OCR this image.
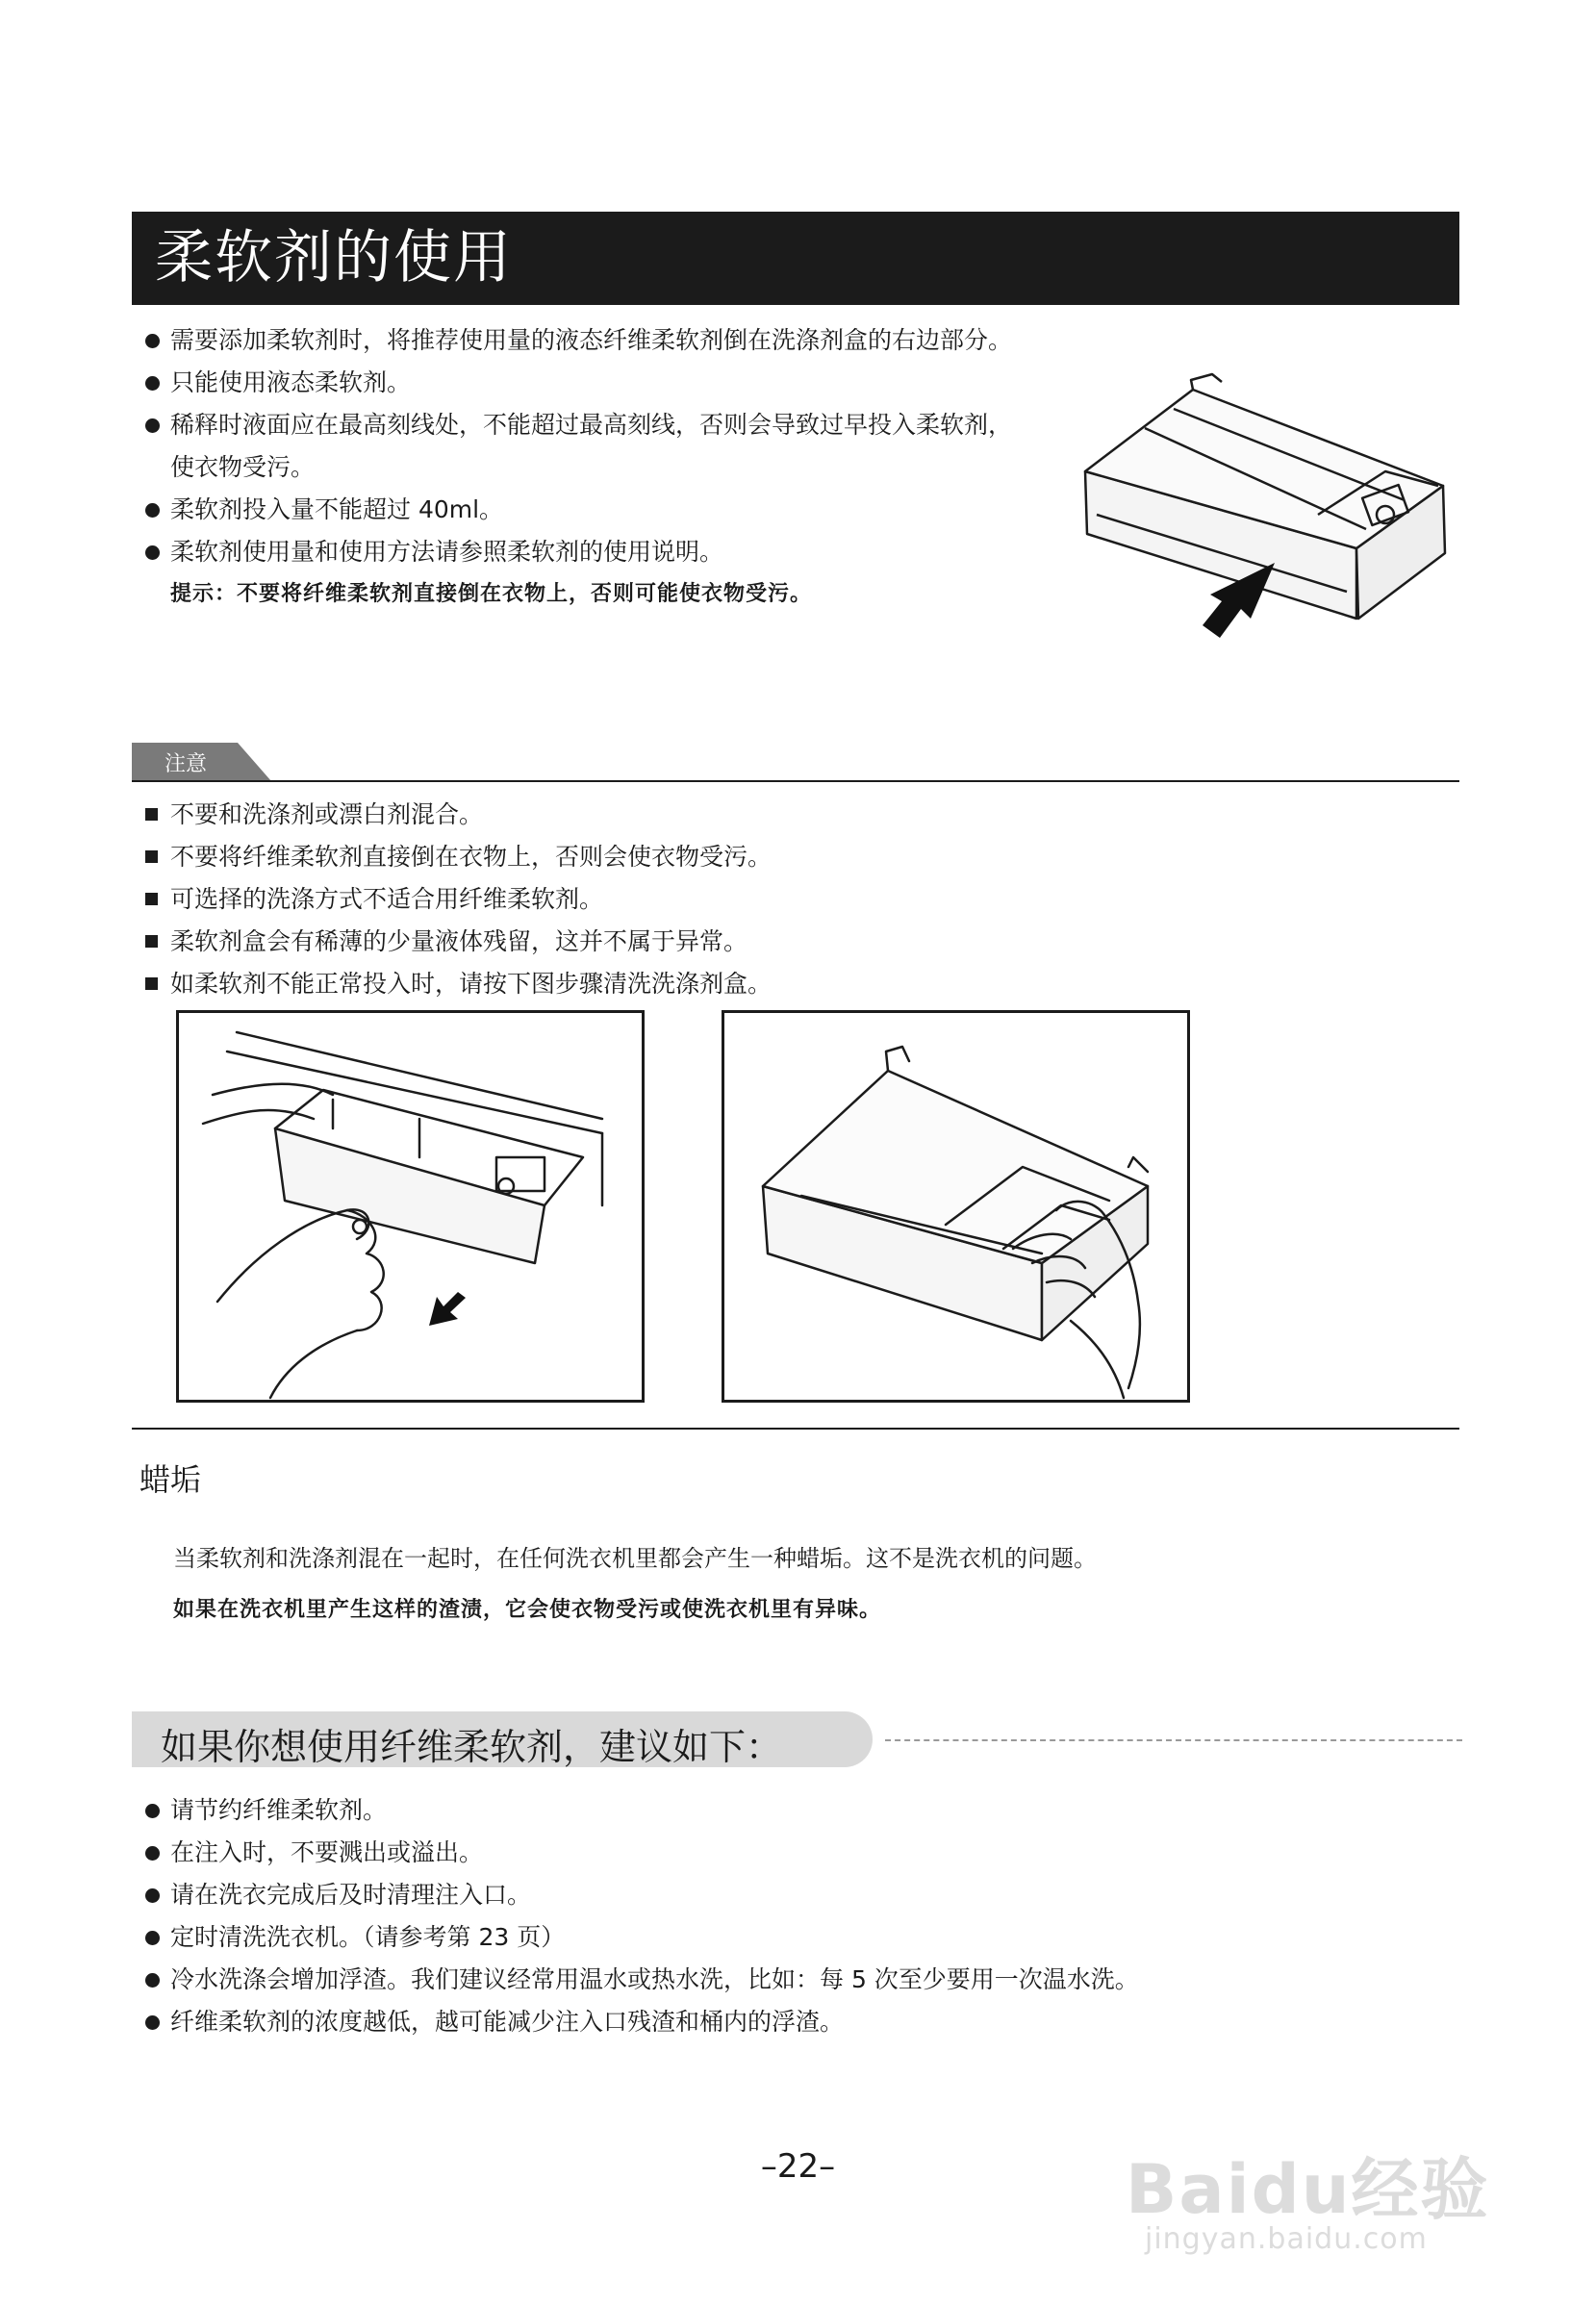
柔软剂的使用
需要添加柔软剂时，将推荐使用量的液态纤维柔软剂倒在洗涤剂盒的右边部分。
只能使用液态柔软剂。
稀释时液面应在最高刻线处，不能超过最高刻线，否则会导致过早投入柔软剂，使衣物受污。
柔软剂投入量不能超过 40ml。
柔软剂使用量和使用方法请参照柔软剂的使用说明。
提示：不要将纤维柔软剂直接倒在衣物上，否则可能使衣物受污。
注意
不要和洗涤剂或漂白剂混合。
不要将纤维柔软剂直接倒在衣物上，否则会使衣物受污。
可选择的洗涤方式不适合用纤维柔软剂。
柔软剂盒会有稀薄的少量液体残留，这并不属于异常。
如柔软剂不能正常投入时，请按下图步骤清洗洗涤剂盒。
蜡垢
当柔软剂和洗涤剂混在一起时，在任何洗衣机里都会产生一种蜡垢。这不是洗衣机的问题。
如果在洗衣机里产生这样的渣渍，它会使衣物受污或使洗衣机里有异味。
如果你想使用纤维柔软剂，建议如下：
请节约纤维柔软剂。
在注入时，不要溅出或溢出。
请在洗衣完成后及时清理注入口。
定时清洗洗衣机。（请参考第 23 页）
冷水洗涤会增加浮渣。我们建议经常用温水或热水洗，比如：每 5 次至少要用一次温水洗。
纤维柔软剂的浓度越低，越可能减少注入口残渣和桶内的浮渣。
–22–	Baidu经验
jingyan.baidu.com
